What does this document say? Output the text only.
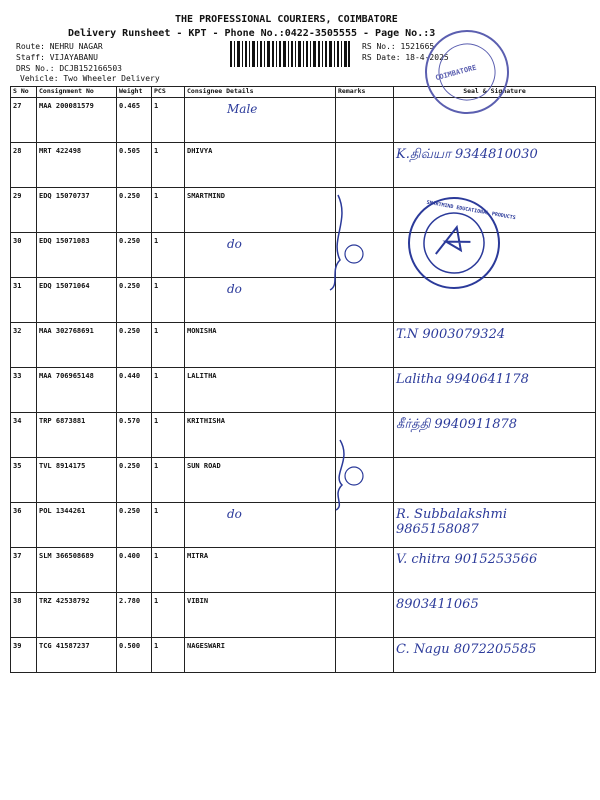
THE PROFESSIONAL COURIERS, COIMBATORE
Delivery Runsheet - KPT - Phone No.:0422-3505555 - Page No.:3
Route: NEHRU NAGAR
Staff: VIJAYABANU
DRS No.: DCJB152166503
Vehicle: Two Wheeler Delivery
RS No.: 1521665
RS Date: 18-4-2025
S No	Consignment No	Weight	PCS	Consignee Details	Remarks	Seal & Signature
27	MAA 200081579	0.465	1	Male		

28	MRT 422498	0.505	1	DHIVYA		K.திவ்யா 9344810030
29	EDQ 15070737	0.250	1	SMARTMIND

30	EDQ 15071083	0.250	1	do		

31	EDQ 15071064	0.250	1	do		

32	MAA 302768691	0.250	1	MONISHA		T.N 9003079324
33	MAA 706965148	0.440	1	LALITHA		Lalitha 9940641178
34	TRP 6873881	0.570	1	KRITHISHA		கீர்த்தி 9940911878
35	TVL 8914175	0.250	1	SUN ROAD

36	POL 1344261	0.250	1	do		R. Subbalakshmi 9865158087
37	SLM 366508689	0.400	1	MITRA		V. chitra 9015253566
38	TRZ 42538792	2.780	1	VIBIN		8903411065
39	TCG 41587237	0.500	1	NAGESWARI		C. Nagu 8072205585
COIMBATORE
SMARTMIND EDUCATIONAL PRODUCTS
